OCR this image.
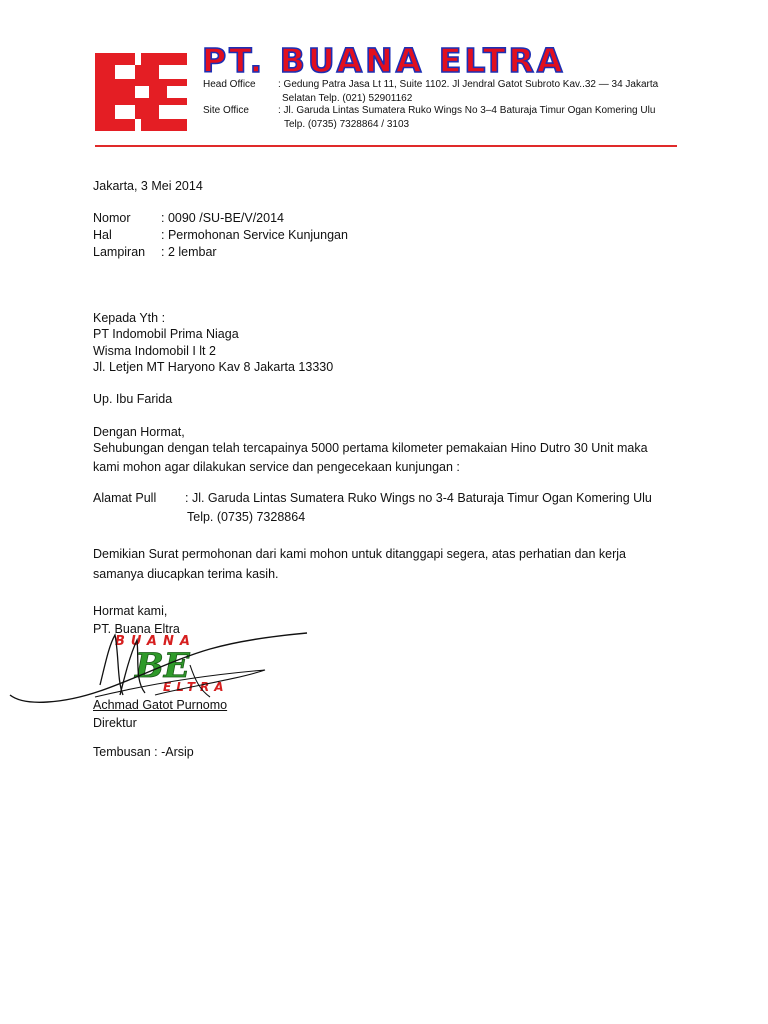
PT. BUANA ELTRA
Head Office : Gedung Patra Jasa Lt 11, Suite 1102. Jl Jendral Gatot Subroto Kav..32 — 34 Jakarta
Selatan Telp. (021) 52901162
Site Office	: Jl. Garuda Lintas Sumatera Ruko Wings No 3–4 Baturaja Timur Ogan Komering Ulu
Telp. (0735) 7328864 / 3103
Jakarta, 3 Mei 2014
Nomor : 0090 /SU-BE/V/2014
Hal	: Permohonan Service Kunjungan
Lampiran : 2 lembar
Kepada Yth :
PT Indomobil Prima Niaga
Wisma Indomobil I lt 2
Jl. Letjen MT Haryono Kav 8 Jakarta 13330
Up. Ibu Farida
Dengan Hormat,
Sehubungan dengan telah tercapainya 5000 pertama kilometer pemakaian Hino Dutro 30 Unit maka
kami mohon agar dilakukan service dan pengecekaan kunjungan :
Alamat Pull : Jl. Garuda Lintas Sumatera Ruko Wings no 3-4 Baturaja Timur Ogan Komering Ulu
Telp. (0735) 7328864
Demikian Surat permohonan dari kami mohon untuk ditanggapi segera, atas perhatian dan kerja
samanya diucapkan terima kasih.
Hormat kami,
PT. Buana Eltra
BUANA
BE
ELTRA
Achmad Gatot Purnomo
Direktur
Tembusan : -Arsip
